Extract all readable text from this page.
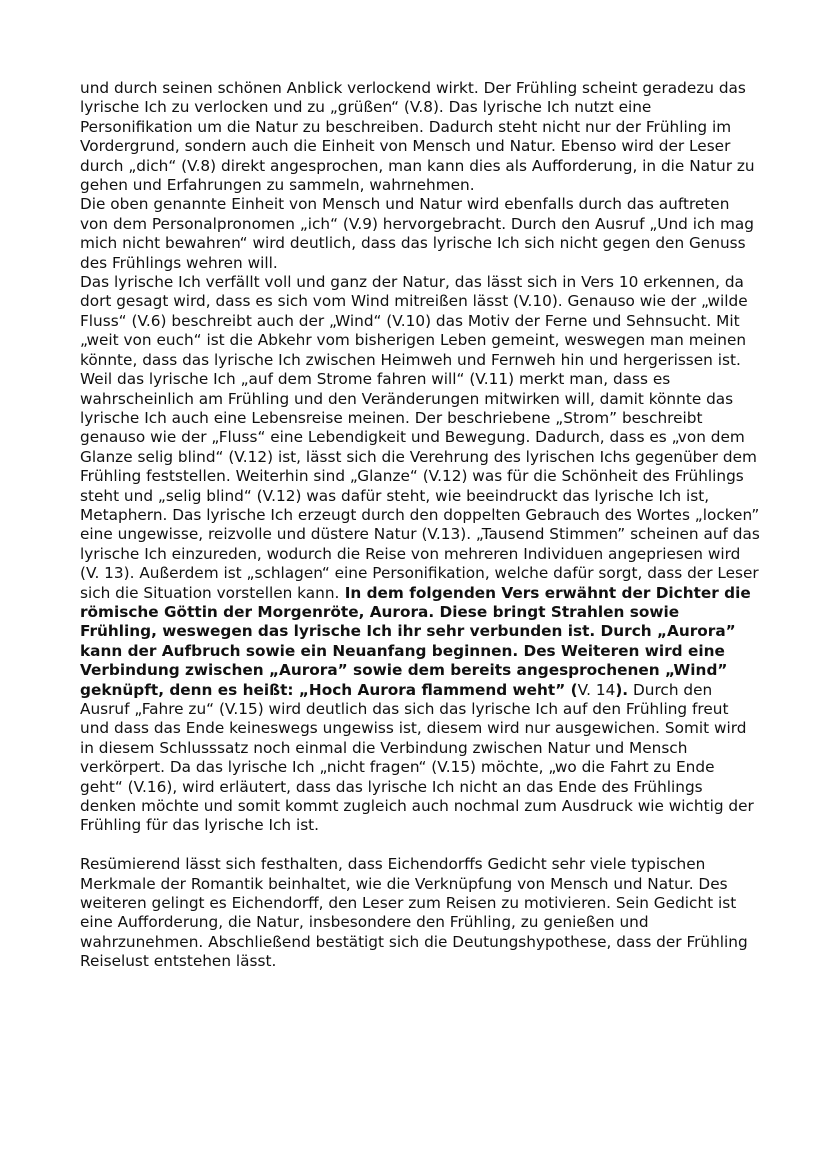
und durch seinen schönen Anblick verlockend wirkt. Der Frühling scheint geradezu das lyrische Ich zu verlocken und zu „grüßen“ (V.8). Das lyrische Ich nutzt eine Personifikation um die Natur zu beschreiben. Dadurch steht nicht nur der Frühling im Vordergrund, sondern auch die Einheit von Mensch und Natur. Ebenso wird der Leser durch „dich“ (V.8) direkt angesprochen, man kann dies als Aufforderung, in die Natur zu gehen und Erfahrungen zu sammeln, wahrnehmen.

Die oben genannte Einheit von Mensch und Natur wird ebenfalls durch das auftreten von dem Personalpronomen „ich“ (V.9) hervorgebracht. Durch den Ausruf „Und ich mag mich nicht bewahren“ wird deutlich, dass das lyrische Ich sich nicht gegen den Genuss des Frühlings wehren will.

Das lyrische Ich verfällt voll und ganz der Natur, das lässt sich in Vers 10 erkennen, da dort gesagt wird, dass es sich vom Wind mitreißen lässt (V.10). Genauso wie der „wilde Fluss“ (V.6) beschreibt auch der „Wind“ (V.10) das Motiv der Ferne und Sehnsucht. Mit „weit von euch“ ist die Abkehr vom bisherigen Leben gemeint, weswegen man meinen könnte, dass das lyrische Ich zwischen Heimweh und Fernweh hin und hergerissen ist. Weil das lyrische Ich „auf dem Strome fahren will“ (V.11) merkt man, dass es wahrscheinlich am Frühling und den Veränderungen mitwirken will, damit könnte das lyrische Ich auch eine Lebensreise meinen. Der beschriebene „Strom” beschreibt genauso wie der „Fluss“ eine Lebendigkeit und Bewegung. Dadurch, dass es „von dem Glanze selig blind“ (V.12) ist, lässt sich die Verehrung des lyrischen Ichs gegenüber dem Frühling feststellen. Weiterhin sind „Glanze“ (V.12) was für die Schönheit des Frühlings steht und „selig blind“ (V.12) was dafür steht, wie beeindruckt das lyrische Ich ist, Metaphern. Das lyrische Ich erzeugt durch den doppelten Gebrauch des Wortes „locken” eine ungewisse, reizvolle und düstere Natur (V.13). „Tausend Stimmen” scheinen auf das lyrische Ich einzureden, wodurch die Reise von mehreren Individuen angepriesen wird (V. 13). Außerdem ist „schlagen“ eine Personifikation, welche dafür sorgt, dass der Leser sich die Situation vorstellen kann. In dem folgenden Vers erwähnt der Dichter die römische Göttin der Morgenröte, Aurora. Diese bringt Strahlen sowie Frühling, weswegen das lyrische Ich ihr sehr verbunden ist. Durch „Aurora” kann der Aufbruch sowie ein Neuanfang beginnen. Des Weiteren wird eine Verbindung zwischen „Aurora” sowie dem bereits angesprochenen „Wind” geknüpft, denn es heißt: „Hoch Aurora flammend weht” (V. 14). Durch den Ausruf „Fahre zu“ (V.15) wird deutlich das sich das lyrische Ich auf den Frühling freut und dass das Ende keineswegs ungewiss ist, diesem wird nur ausgewichen. Somit wird in diesem Schlusssatz noch einmal die Verbindung zwischen Natur und Mensch verkörpert. Da das lyrische Ich „nicht fragen“ (V.15) möchte, „wo die Fahrt zu Ende geht“ (V.16), wird erläutert, dass das lyrische Ich nicht an das Ende des Frühlings denken möchte und somit kommt zugleich auch nochmal zum Ausdruck wie wichtig der Frühling für das lyrische Ich ist.

Resümierend lässt sich festhalten, dass Eichendorffs Gedicht sehr viele typischen Merkmale der Romantik beinhaltet, wie die Verknüpfung von Mensch und Natur. Des weiteren gelingt es Eichendorff, den Leser zum Reisen zu motivieren. Sein Gedicht ist eine Aufforderung, die Natur, insbesondere den Frühling, zu genießen und wahrzunehmen. Abschließend bestätigt sich die Deutungshypothese, dass der Frühling Reiselust entstehen lässt.
